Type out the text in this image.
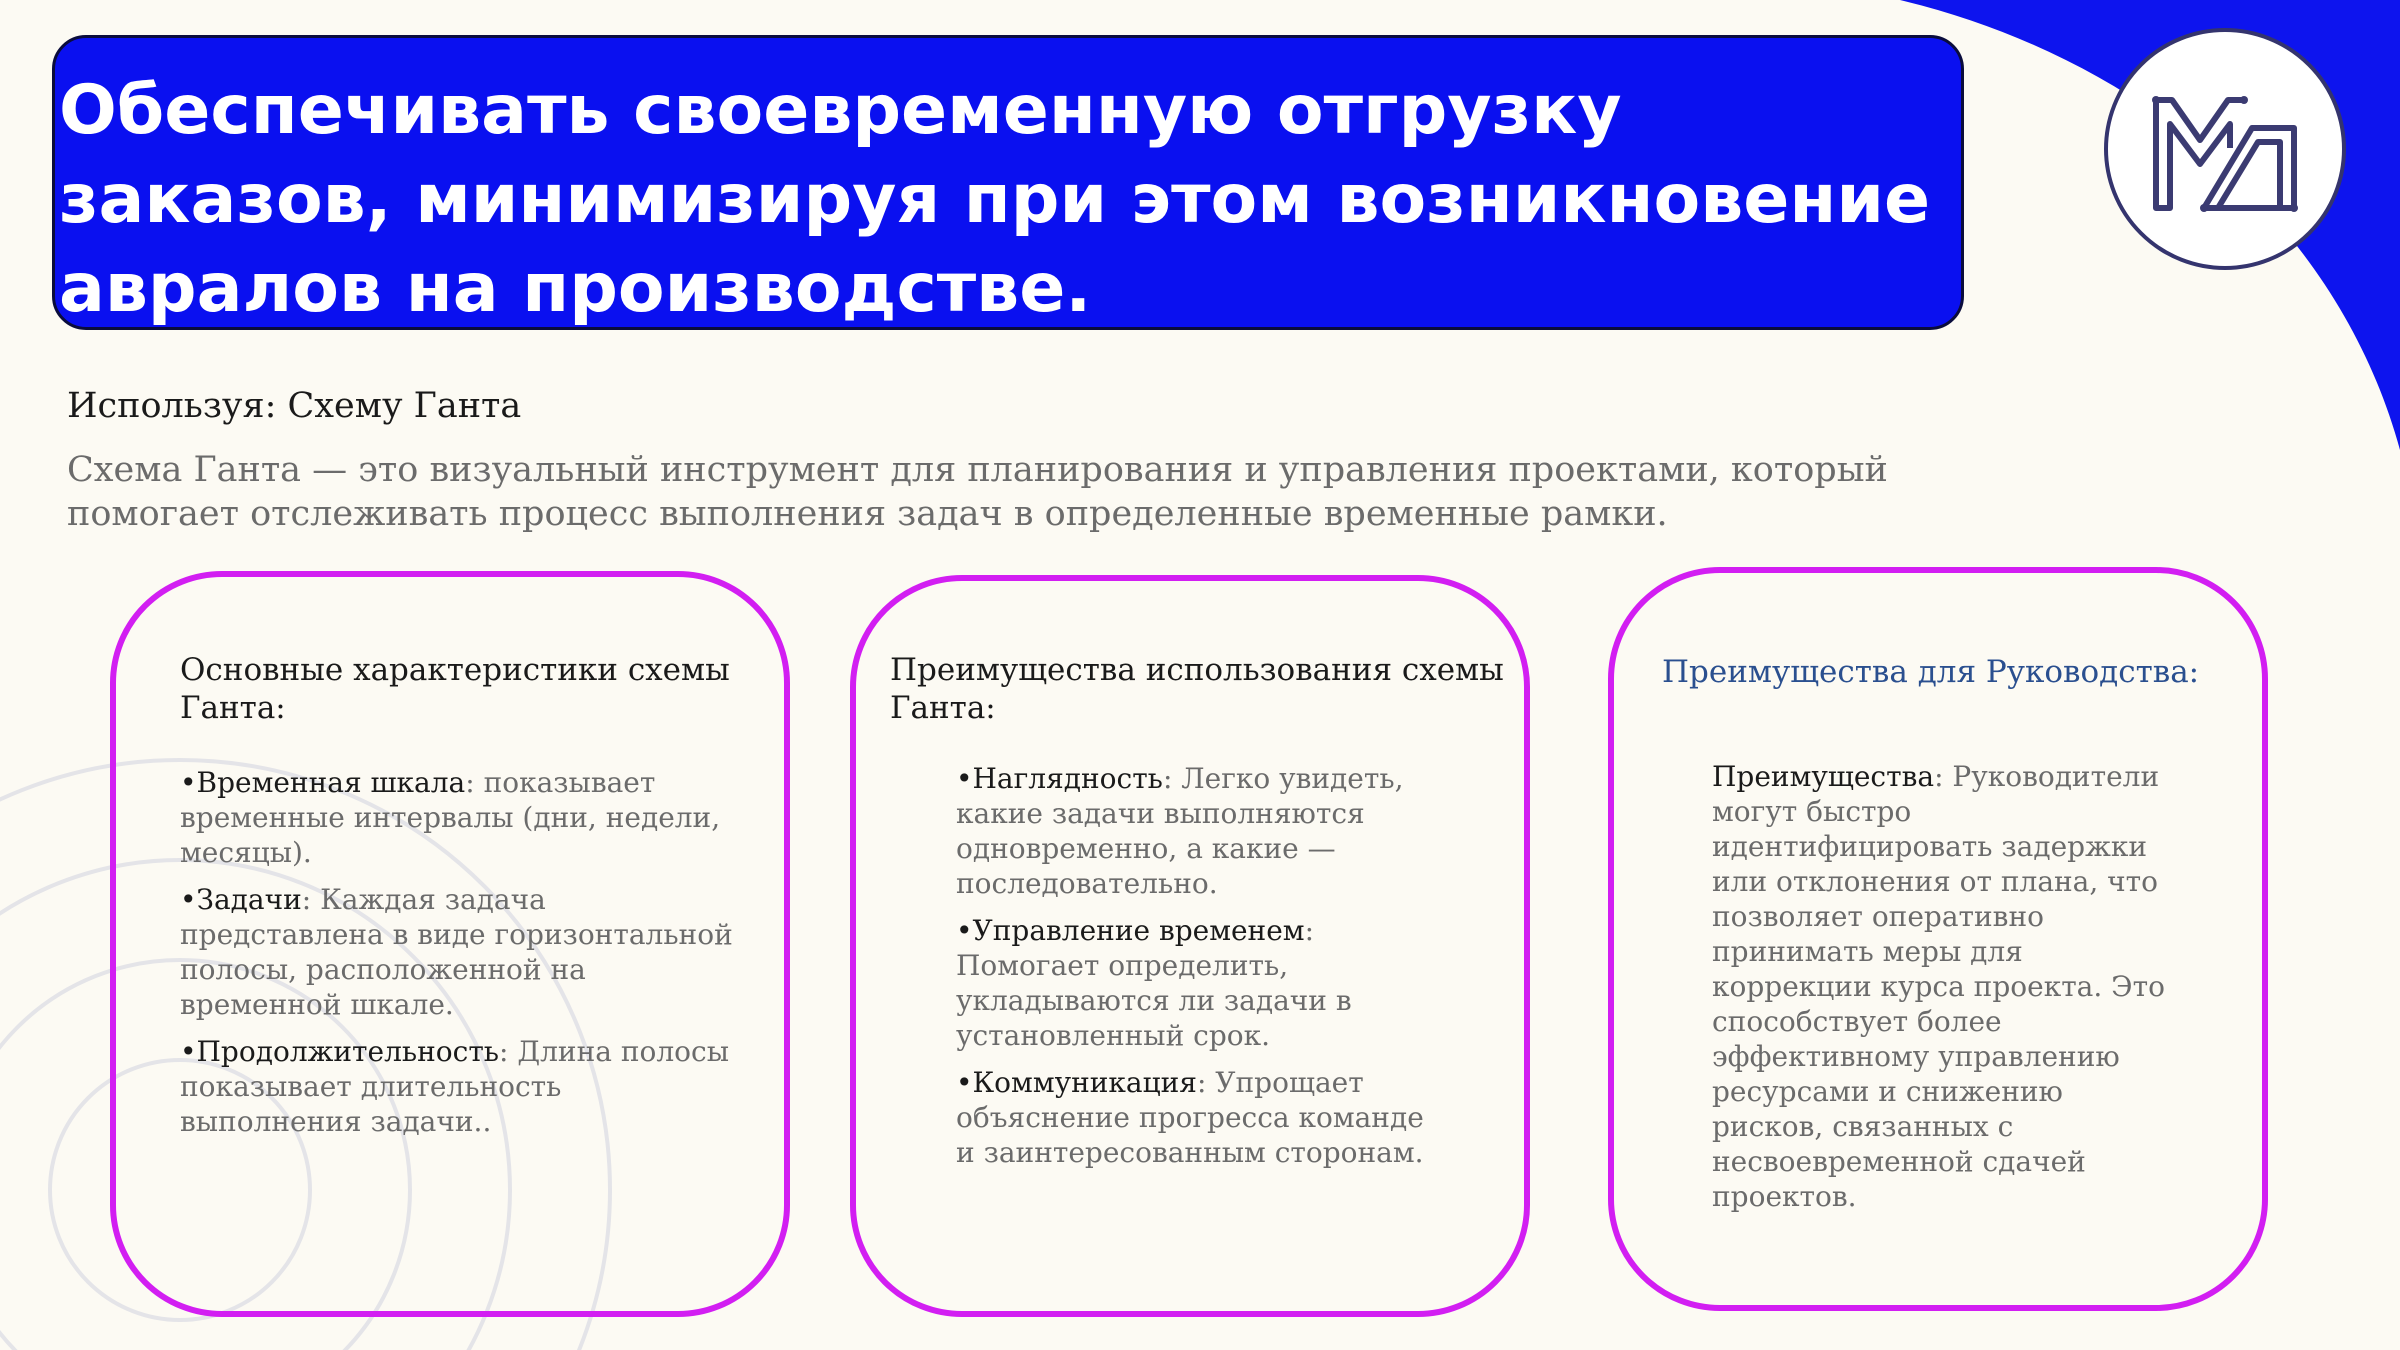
Обеспечивать своевременную отгрузку заказов, минимизируя при этом возникновение авралов на производстве.
Используя: Схему Ганта

Схема Ганта — это визуальный инструмент для планирования и управления проектами, который помогает отслеживать процесс выполнения задач в определенные временные рамки.

Основные характеристики схемы Ганта:
•Временная шкала: показывает временные интервалы (дни, недели, месяцы).
•Задачи: Каждая задача представлена в виде горизонтальной полосы, расположенной на временной шкале.
•Продолжительность: Длина полосы показывает длительность выполнения задачи..
Преимущества использования схемы Ганта:
•Наглядность: Легко увидеть, какие задачи выполняются одновременно, а какие — последовательно.
•Управление временем: Помогает определить, укладываются ли задачи в установленный срок.
•Коммуникация: Упрощает объяснение прогресса команде и заинтересованным сторонам.
Преимущества для Руководства:
Преимущества: Руководители могут быстро идентифицировать задержки или отклонения от плана, что позволяет оперативно принимать меры для коррекции курса проекта. Это способствует более эффективному управлению ресурсами и снижению рисков, связанных с несвоевременной сдачей проектов.
